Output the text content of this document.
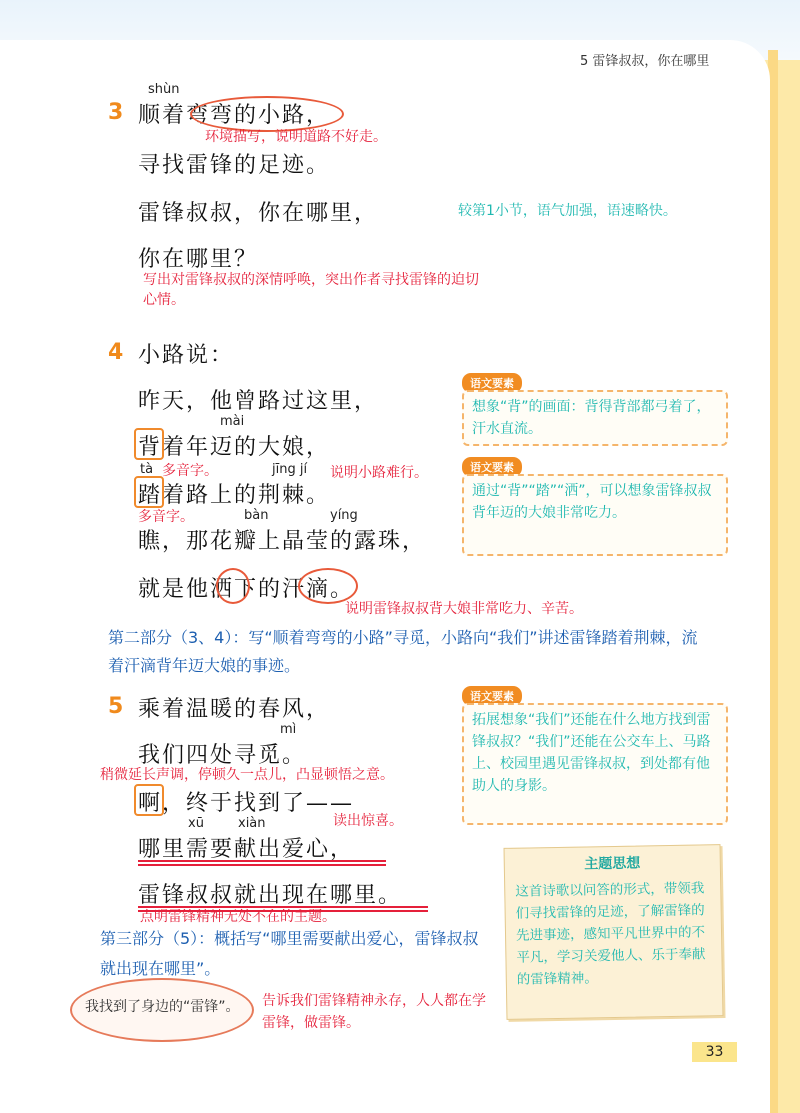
5 雷锋叔叔，你在哪里
3
shùn
顺着弯弯的小路，
环境描写，说明道路不好走。
寻找雷锋的足迹。
雷锋叔叔，你在哪里，	较第1小节，语气加强，语速略快。
你在哪里？
写出对雷锋叔叔的深情呼唤，突出作者寻找雷锋的迫切心情。
4 小路说：
昨天，他曾路过这里，
mài
背着年迈的大娘，
tà 多音字。	jīng jí 说明小路难行。
踏着路上的荆棘。
多音字。	bàn	yíng
瞧，那花瓣上晶莹的露珠，
就是他洒下的汗滴。
说明雷锋叔叔背大娘非常吃力、辛苦。
语文要素
想象“背”的画面：背得背部都弓着了，汗水直流。
语文要素
通过“背”“踏”“洒”，可以想象雷锋叔叔背年迈的大娘非常吃力。
第二部分（3、4）：写“顺着弯弯的小路”寻觅，小路向“我们”讲述雷锋踏着荆棘，流着汗滴背年迈大娘的事迹。
5 乘着温暖的春风，
mì
我们四处寻觅。
稍微延长声调，停顿久一点儿，凸显顿悟之意。
啊，终于找到了——
读出惊喜。
xū	xiàn
哪里需要献出爱心，
雷锋叔叔就出现在哪里。
点明雷锋精神无处不在的主题。
语文要素
拓展想象“我们”还能在什么地方找到雷锋叔叔？“我们”还能在公交车上、马路上、校园里遇见雷锋叔叔，到处都有他助人的身影。
第三部分（5）：概括写“哪里需要献出爱心，雷锋叔叔就出现在哪里”。
我找到了身边的“雷锋”。	告诉我们雷锋精神永存，人人都在学雷锋，做雷锋。
主题思想
这首诗歌以问答的形式，带领我们寻找雷锋的足迹，了解雷锋的先进事迹，感知平凡世界中的不平凡，学习关爱他人、乐于奉献的雷锋精神。
33
